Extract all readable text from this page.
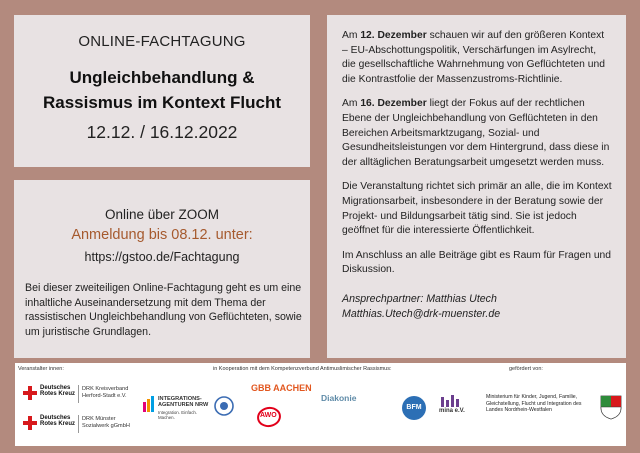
ONLINE-FACHTAGUNG
Ungleichbehandlung &
Rassismus im Kontext Flucht
12.12. / 16.12.2022
Online über ZOOM
Anmeldung bis 08.12. unter:
https://gstoo.de/Fachtagung
Bei dieser zweiteiligen Online-Fachtagung geht es um eine inhaltliche Auseinandersetzung mit dem Thema der rassistischen Ungleichbehandlung von Geflüchteten, sowie um juristische Grundlagen.

Am 12. Dezember schauen wir auf den größeren Kontext – EU-Abschottungspolitik, Verschärfungen im Asylrecht, die gesellschaftliche Wahrnehmung von Geflüchteten und die Kontrastfolie der Massenzustroms-Richtlinie.

Am 16. Dezember liegt der Fokus auf der rechtlichen Ebene der Ungleichbehandlung von Geflüchteten in den Bereichen Arbeitsmarktzugang, Sozial- und Gesundheitsleistungen vor dem Hintergrund, dass diese in der alltäglichen Beratungsarbeit umgesetzt werden muss.

Die Veranstaltung richtet sich primär an alle, die im Kontext Migrationsarbeit, insbesondere in der Beratung sowie der Projekt- und Bildungsarbeit tätig sind. Sie ist jedoch geöffnet für die interessierte Öffentlichkeit.

Im Anschluss an alle Beiträge gibt es Raum für Fragen und Diskussion.

Ansprechpartner: Matthias Utech
Matthias.Utech@drk-muenster.de
Veranstalter innen:	in Kooperation mit dem Kompetenzverbund Antimuslimischer Rassismus:	gefördert von:
Deutsches Rotes Kreuz
DRK Kreisverband Herford-Stadt e.V.
Deutsches Rotes Kreuz
DRK Münster Sozialwerk gGmbH
INTEGRATIONS-AGENTUREN NRW
Integration. Einfach. Machen.
GBB AACHEN
AWO
Diakonie
BFM	mina e.V.
Ministerium für Kinder, Jugend, Familie, Gleichstellung, Flucht und Integration des Landes Nordrhein-Westfalen
